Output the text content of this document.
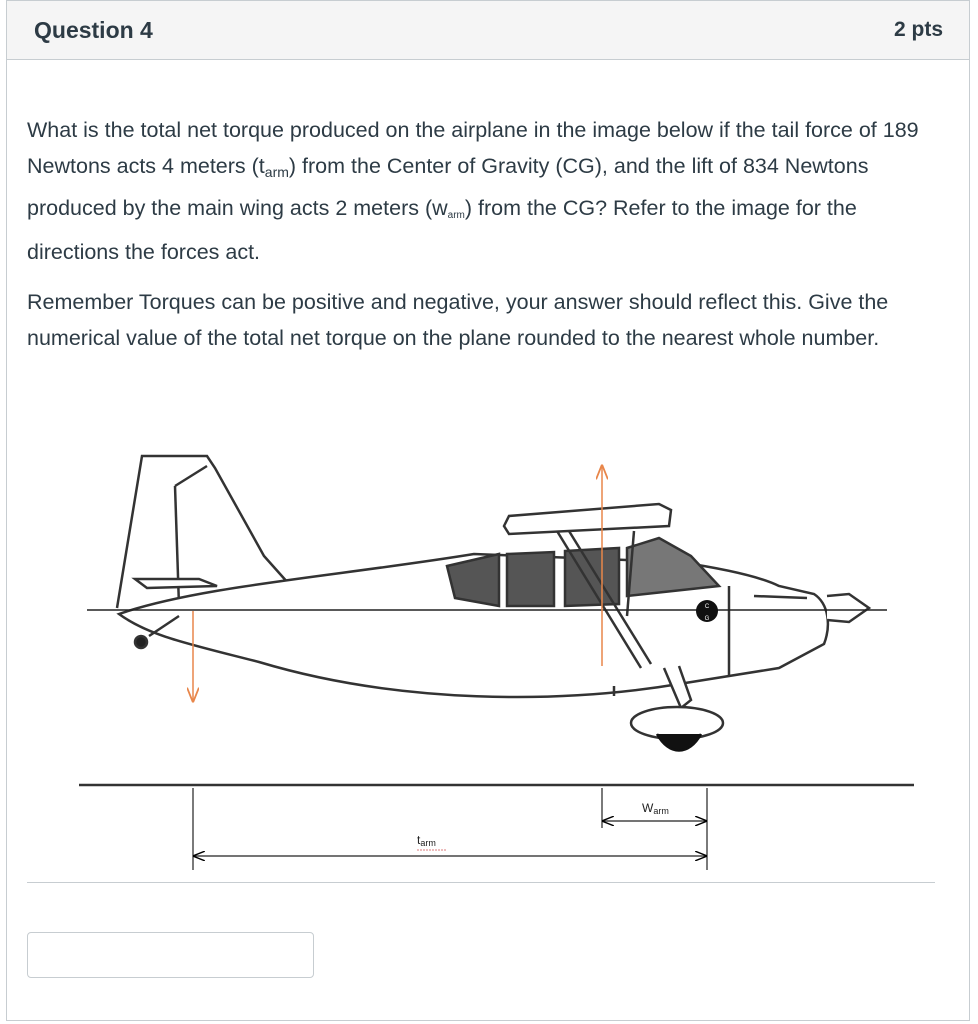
Question 4	2 pts

What is the total net torque produced on the airplane in the image below if the tail force of 189 Newtons acts 4 meters $(t_{arm})$ from the Center of Gravity (CG), and the lift of 834 Newtons produced by the main wing acts 2 meters (warm) from the CG? Refer to the image for the directions the forces act.

Remember Torques can be positive and negative, your answer should reflect this. Give the numerical value of the total net torque on the plane rounded to the nearest whole number.

C
G
Warm
tarm
